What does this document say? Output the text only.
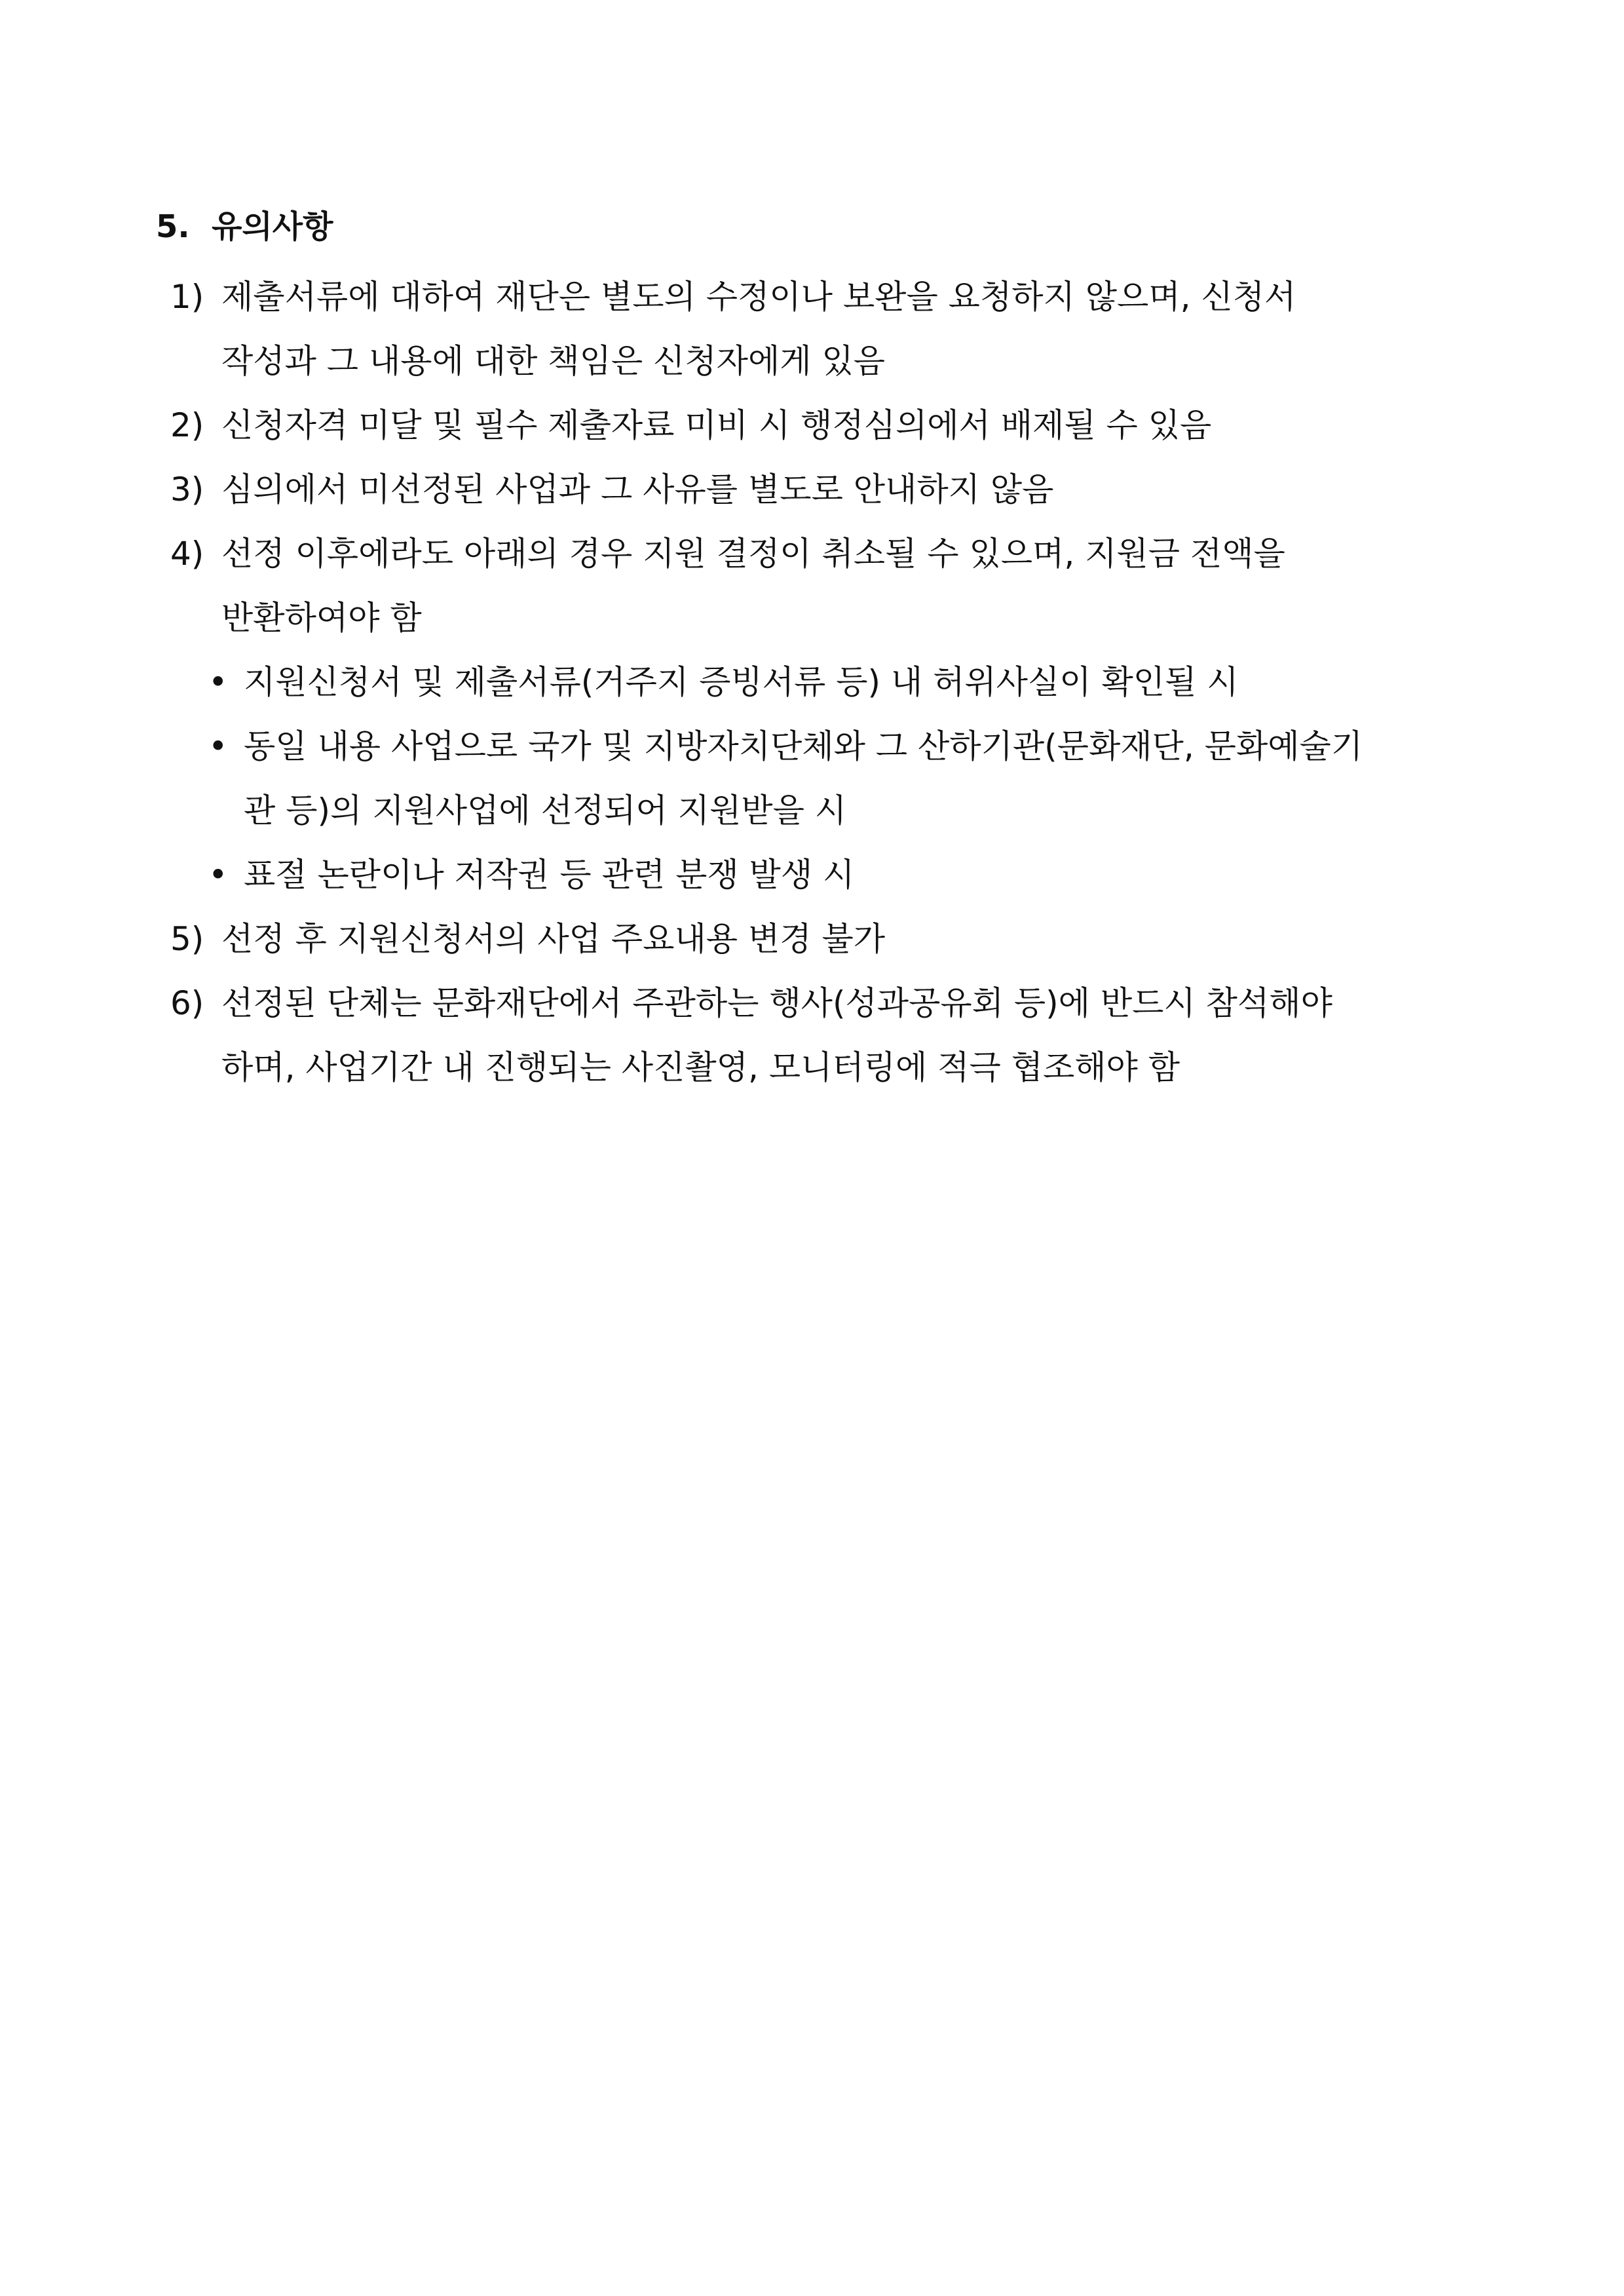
5. 유의사항

1) 제출서류에 대하여 재단은 별도의 수정이나 보완을 요청하지 않으며, 신청서

작성과 그 내용에 대한 책임은 신청자에게 있음

2) 신청자격 미달 및 필수 제출자료 미비 시 행정심의에서 배제될 수 있음

3) 심의에서 미선정된 사업과 그 사유를 별도로 안내하지 않음

4) 선정 이후에라도 아래의 경우 지원 결정이 취소될 수 있으며, 지원금 전액을

반환하여야 함

• 지원신청서 및 제출서류(거주지 증빙서류 등) 내 허위사실이 확인될 시

• 동일 내용 사업으로 국가 및 지방자치단체와 그 산하기관(문화재단, 문화예술기

관 등)의 지원사업에 선정되어 지원받을 시

• 표절 논란이나 저작권 등 관련 분쟁 발생 시

5) 선정 후 지원신청서의 사업 주요내용 변경 불가

6) 선정된 단체는 문화재단에서 주관하는 행사(성과공유회 등)에 반드시 참석해야

하며, 사업기간 내 진행되는 사진촬영, 모니터링에 적극 협조해야 함
